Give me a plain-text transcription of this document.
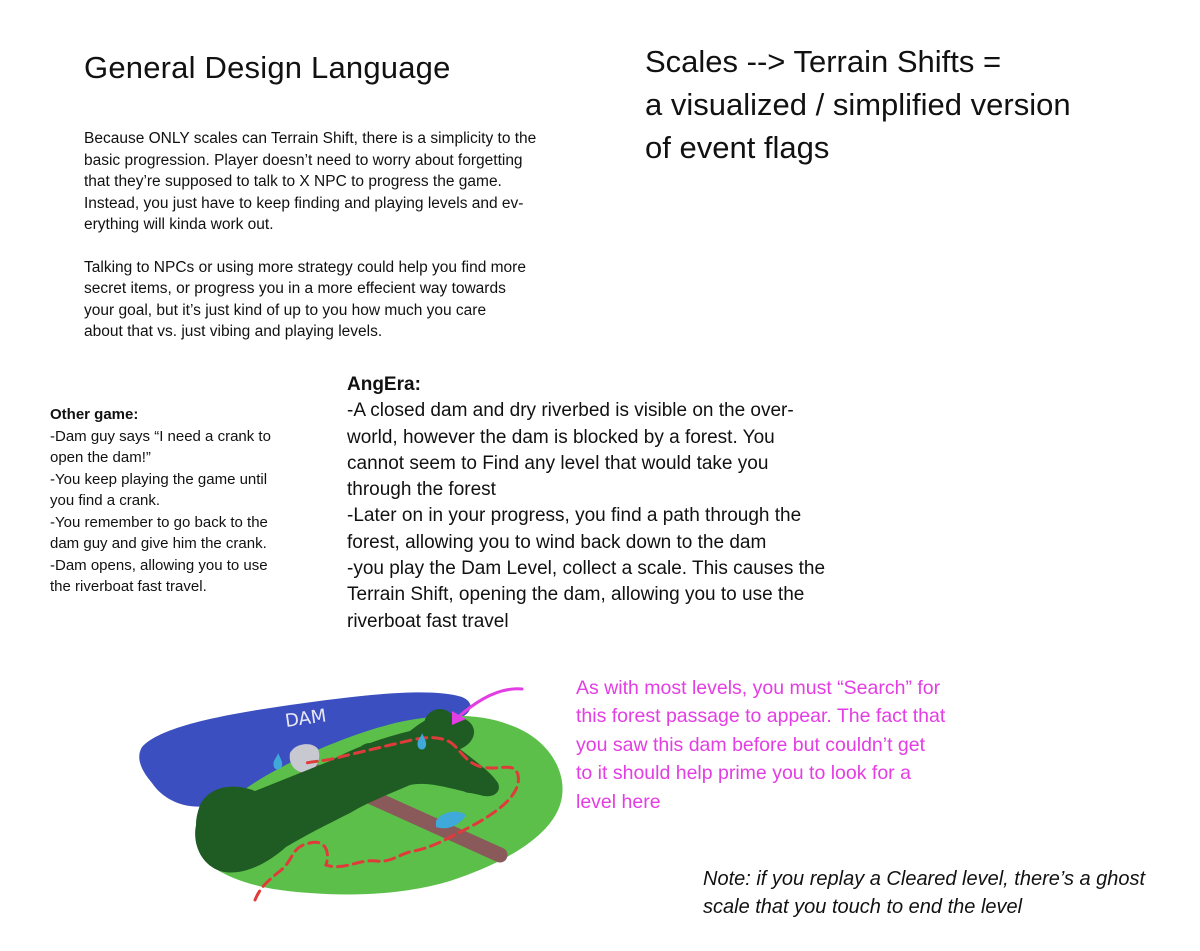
General Design Language	Scales --> Terrain Shifts =
a visualized / simplified version
of event flags

Because ONLY scales can Terrain Shift, there is a simplicity to the
basic progression. Player doesn’t need to worry about forgetting
that they’re supposed to talk to X NPC to progress the game.
Instead, you just have to keep finding and playing levels and ev-
erything will kinda work out.

Talking to NPCs or using more strategy could help you find more
secret items, or progress you in a more effecient way towards
your goal, but it’s just kind of up to you how much you care
about that vs. just vibing and playing levels.

Other game:
-Dam guy says “I need a crank to
open the dam!”
-You keep playing the game until
you find a crank.
-You remember to go back to the
dam guy and give him the crank.
-Dam opens, allowing you to use
the riverboat fast travel.
AngEra:
-A closed dam and dry riverbed is visible on the over-
world, however the dam is blocked by a forest. You
cannot seem to Find any level that would take you
through the forest
-Later on in your progress, you find a path through the
forest, allowing you to wind back down to the dam
-you play the Dam Level, collect a scale. This causes the
Terrain Shift, opening the dam, allowing you to use the
riverboat fast travel
DAM
As with most levels, you must “Search” for
this forest passage to appear. The fact that
you saw this dam before but couldn’t get
to it should help prime you to look for a
level here
Note: if you replay a Cleared level, there’s a ghost
scale that you touch to end the level
